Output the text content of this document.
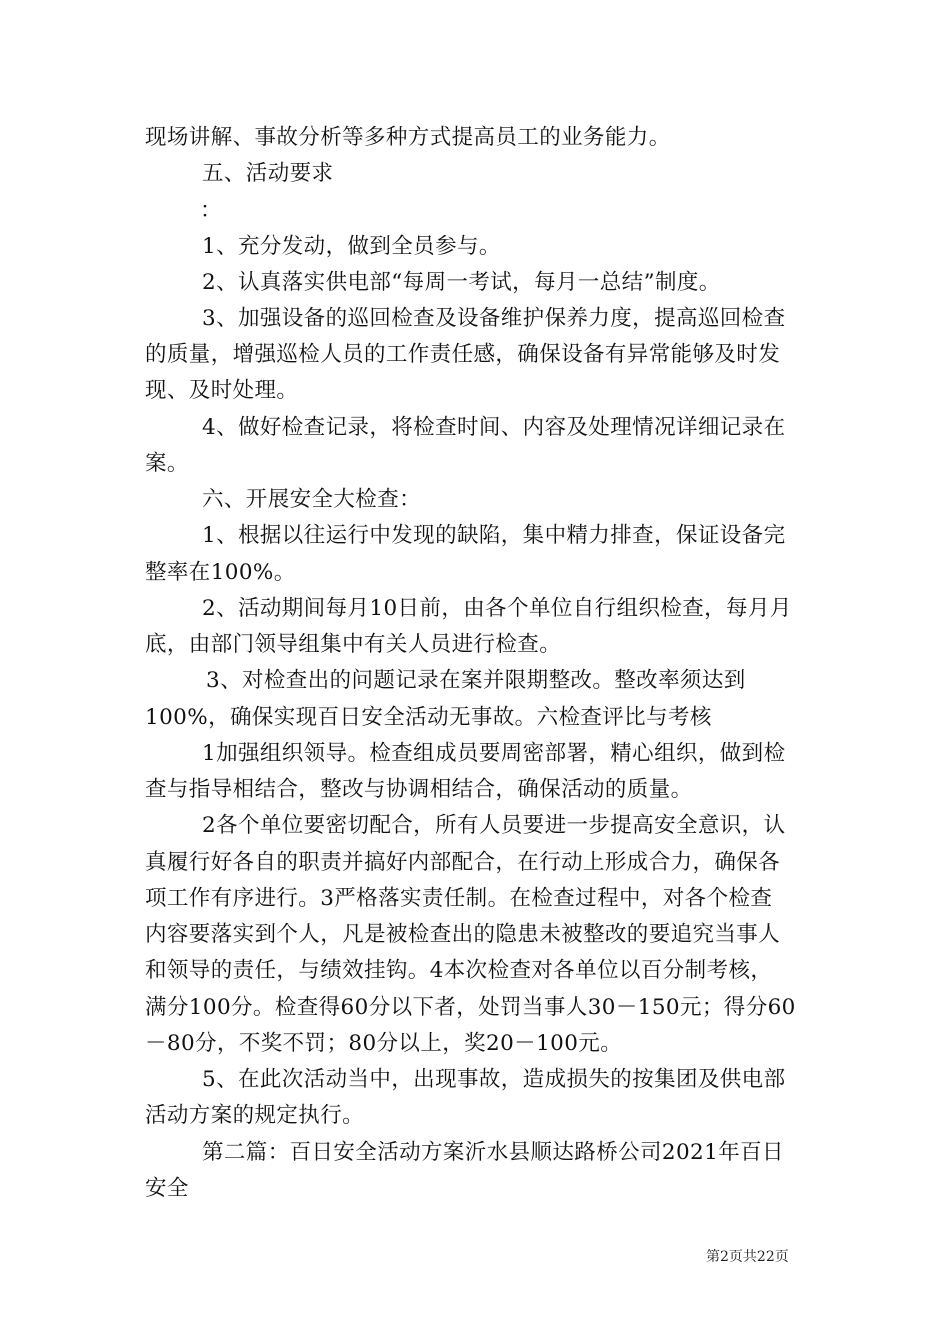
现场讲解、事故分析等多种方式提高员工的业务能力。
五、活动要求
：
1、充分发动，做到全员参与。
2、认真落实供电部“每周一考试，每月一总结”制度。
3、加强设备的巡回检查及设备维护保养力度，提高巡回检查
的质量，增强巡检人员的工作责任感，确保设备有异常能够及时发
现、及时处理。
4、做好检查记录，将检查时间、内容及处理情况详细记录在
案。
六、开展安全大检查：
1、根据以往运行中发现的缺陷，集中精力排查，保证设备完
整率在100%。
2、活动期间每月10日前，由各个单位自行组织检查，每月月
底，由部门领导组集中有关人员进行检查。
3、对检查出的问题记录在案并限期整改。整改率须达到
100%，确保实现百日安全活动无事故。六检查评比与考核
1加强组织领导。检查组成员要周密部署，精心组织，做到检
查与指导相结合，整改与协调相结合，确保活动的质量。
2各个单位要密切配合，所有人员要进一步提高安全意识，认
真履行好各自的职责并搞好内部配合，在行动上形成合力，确保各
项工作有序进行。3严格落实责任制。在检查过程中，对各个检查
内容要落实到个人，凡是被检查出的隐患未被整改的要追究当事人
和领导的责任，与绩效挂钩。4本次检查对各单位以百分制考核，
满分100分。检查得60分以下者，处罚当事人30－150元；得分60
－80分，不奖不罚；80分以上，奖20－100元。
5、在此次活动当中，出现事故，造成损失的按集团及供电部
活动方案的规定执行。
第二篇：百日安全活动方案沂水县顺达路桥公司2021年百日
安全
第2页共22页
